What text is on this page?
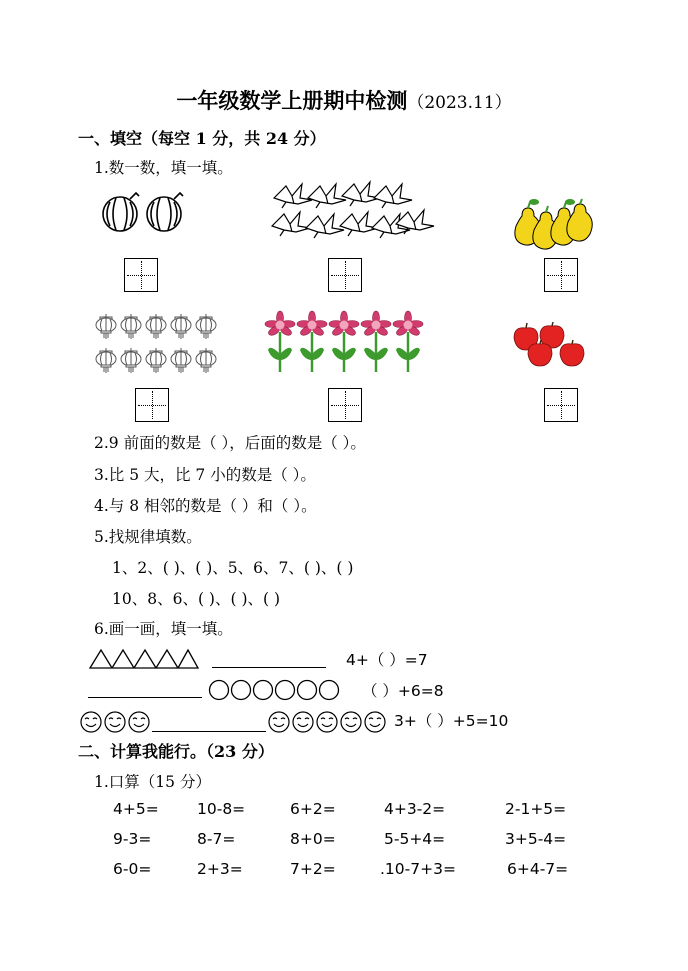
一年级数学上册期中检测（2023.11）
一、填空（每空 1 分，共 24 分）
1.数一数，填一填。
2.9 前面的数是（ ），后面的数是（ ）。
3.比 5 大，比 7 小的数是（ ）。
4.与 8 相邻的数是（ ）和（ ）。
5.找规律填数。
1、2、( )、( )、5、6、7、( )、( )
10、8、6、( )、( )、( )
6.画一画，填一填。
4+（ ）=7
（ ）+6=8
3+（ ）+5=10
二、计算我能行。（23 分）
1.口算（15 分）
4+5= 10-8=	6+2=	4+3-2=	2-1+5=
9-3=	8-7=	8+0=	5-5+4=	3+5-4=
6-0=	2+3=	7+2=	.10-7+3=	6+4-7=
